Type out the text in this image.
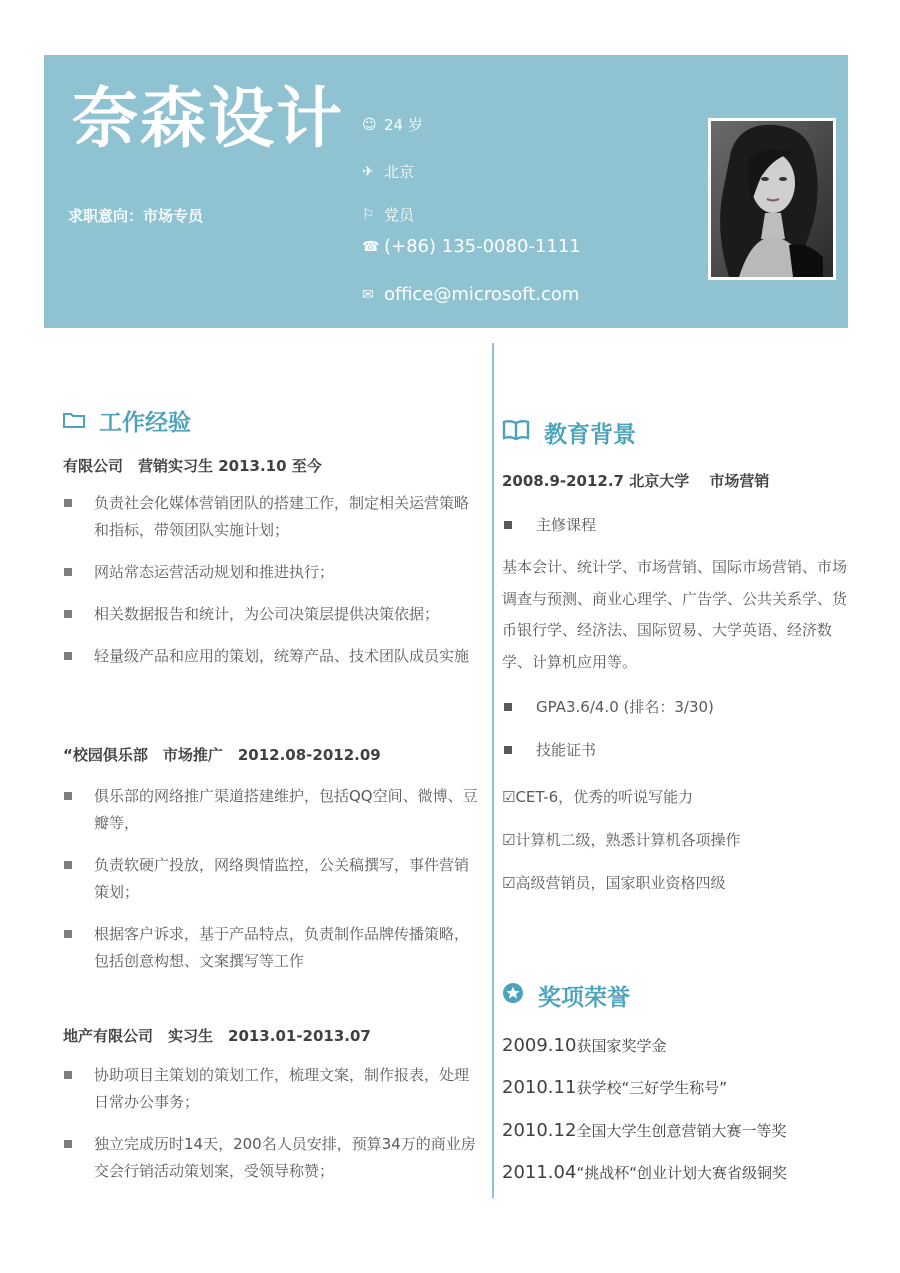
奈森设计
求职意向：市场专员
☺ 24 岁
✈ 北京
⚐ 党员
☎ (+86) 135-0080-1111
✉ office@microsoft.com
工作经验
有限公司　营销实习生 2013.10 至今
负责社会化媒体营销团队的搭建工作，制定相关运营策略和指标，带领团队实施计划；
网站常态运营活动规划和推进执行；
相关数据报告和统计，为公司决策层提供决策依据；
轻量级产品和应用的策划，统筹产品、技术团队成员实施
“校园俱乐部　市场推广　2012.08-2012.09
俱乐部的网络推广渠道搭建维护，包括QQ空间、微博、豆瓣等，
负责软硬广投放，网络舆情监控，公关稿撰写，事件营销策划；
根据客户诉求，基于产品特点，负责制作品牌传播策略，包括创意构想、文案撰写等工作
地产有限公司　实习生　2013.01-2013.07
协助项目主策划的策划工作，梳理文案，制作报表，处理日常办公事务；
独立完成历时14天，200名人员安排，预算34万的商业房交会行销活动策划案，受领导称赞；
教育背景
2008.9-2012.7 北京大学　 市场营销
主修课程
基本会计、统计学、市场营销、国际市场营销、市场调查与预测、商业心理学、广告学、公共关系学、货币银行学、经济法、国际贸易、大学英语、经济数学、计算机应用等。
GPA3.6/4.0 (排名：3/30)
技能证书
☑CET-6，优秀的听说写能力
☑计算机二级，熟悉计算机各项操作
☑高级营销员，国家职业资格四级
奖项荣誉
2009.10获国家奖学金
2010.11获学校“三好学生称号”
2010.12全国大学生创意营销大赛一等奖
2011.04“挑战杯“创业计划大赛省级铜奖
